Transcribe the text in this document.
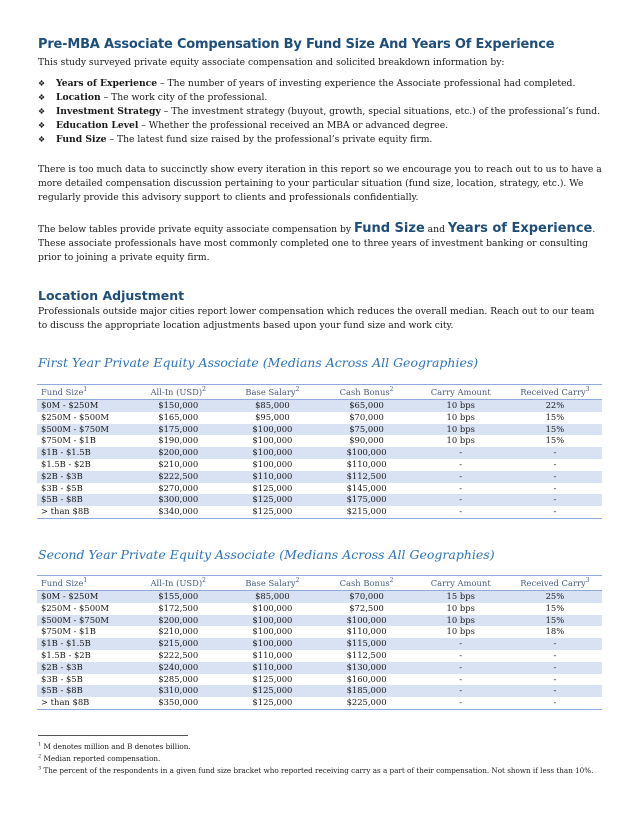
Pre-MBA Associate Compensation By Fund Size And Years Of Experience
This study surveyed private equity associate compensation and solicited breakdown information by:
❖ Years of Experience – The number of years of investing experience the Associate professional had completed.
❖ Location – The work city of the professional.
❖ Investment Strategy – The investment strategy (buyout, growth, special situations, etc.) of the professional’s fund.
❖ Education Level – Whether the professional received an MBA or advanced degree.
❖ Fund Size – The latest fund size raised by the professional’s private equity firm.
There is too much data to succinctly show every iteration in this report so we encourage you to reach out to us to have a more detailed compensation discussion pertaining to your particular situation (fund size, location, strategy, etc.). We regularly provide this advisory support to clients and professionals confidentially.
The below tables provide private equity associate compensation by Fund Size and Years of Experience. These associate professionals have most commonly completed one to three years of investment banking or consulting prior to joining a private equity firm.
Location Adjustment
Professionals outside major cities report lower compensation which reduces the overall median. Reach out to our team to discuss the appropriate location adjustments based upon your fund size and work city.
First Year Private Equity Associate (Medians Across All Geographies)
Fund Size$^1$	All-In (USD)$^2$	Base Salary$^2$	Cash Bonus$^2$	Carry Amount	Received Carry$^3$
$0M - $250M	$150,000	$85,000	$65,000	10 bps	22%
$250M - $500M	$165,000	$95,000	$70,000	10 bps	15%
$500M - $750M	$175,000	$100,000	$75,000	10 bps	15%
$750M - $1B	$190,000	$100,000	$90,000	10 bps	15%
$1B - $1.5B	$200,000	$100,000	$100,000	-	-
$1.5B - $2B	$210,000	$100,000	$110,000	-	-
$2B - $3B	$222,500	$110,000	$112,500	-	-
$3B - $5B	$270,000	$125,000	$145,000	-	-
$5B - $8B	$300,000	$125,000	$175,000	-	-
> than $8B	$340,000	$125,000	$215,000	-	-
Second Year Private Equity Associate (Medians Across All Geographies)
Fund Size$^1$	All-In (USD)$^2$	Base Salary$^2$	Cash Bonus$^2$	Carry Amount	Received Carry$^3$
$0M - $250M	$155,000	$85,000	$70,000	15 bps	25%
$250M - $500M	$172,500	$100,000	$72,500	10 bps	15%
$500M - $750M	$200,000	$100,000	$100,000	10 bps	15%
$750M - $1B	$210,000	$100,000	$110,000	10 bps	18%
$1B - $1.5B	$215,000	$100,000	$115,000	-	-
$1.5B - $2B	$222,500	$110,000	$112,500	-	-
$2B - $3B	$240,000	$110,000	$130,000	-	-
$3B - $5B	$285,000	$125,000	$160,000	-	-
$5B - $8B	$310,000	$125,000	$185,000	-	-
> than $8B	$350,000	$125,000	$225,000	-	-
$^1$ M denotes million and B denotes billion.
$^2$ Median reported compensation.
$^3$ The percent of the respondents in a given fund size bracket who reported receiving carry as a part of their compensation. Not shown if less than 10%.
